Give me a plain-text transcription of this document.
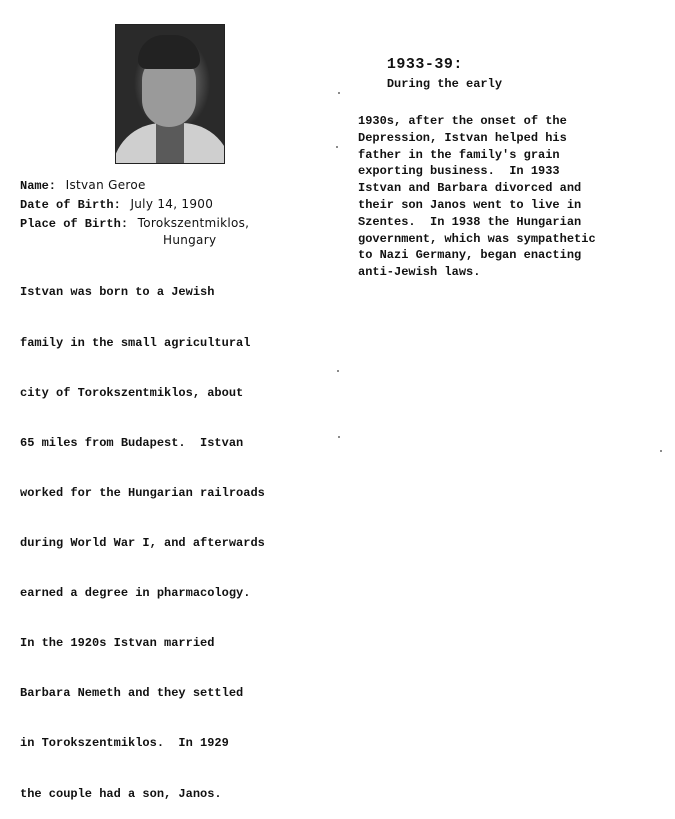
Name: Istvan Geroe
Date of Birth: July 14, 1900
Place of Birth: Torokszentmiklos,
Hungary

Istvan was born to a Jewish

family in the small agricultural

city of Torokszentmiklos, about

65 miles from Budapest.  Istvan

worked for the Hungarian railroads

during World War I, and afterwards

earned a degree in pharmacology.

In the 1920s Istvan married

Barbara Nemeth and they settled

in Torokszentmiklos.  In 1929

the couple had a son, Janos.

1933-39:
During the early

1930s, after the onset of the
Depression, Istvan helped his
father in the family's grain
exporting business.  In 1933
Istvan and Barbara divorced and
their son Janos went to live in
Szentes.  In 1938 the Hungarian
government, which was sympathetic
to Nazi Germany, began enacting
anti-Jewish laws.
